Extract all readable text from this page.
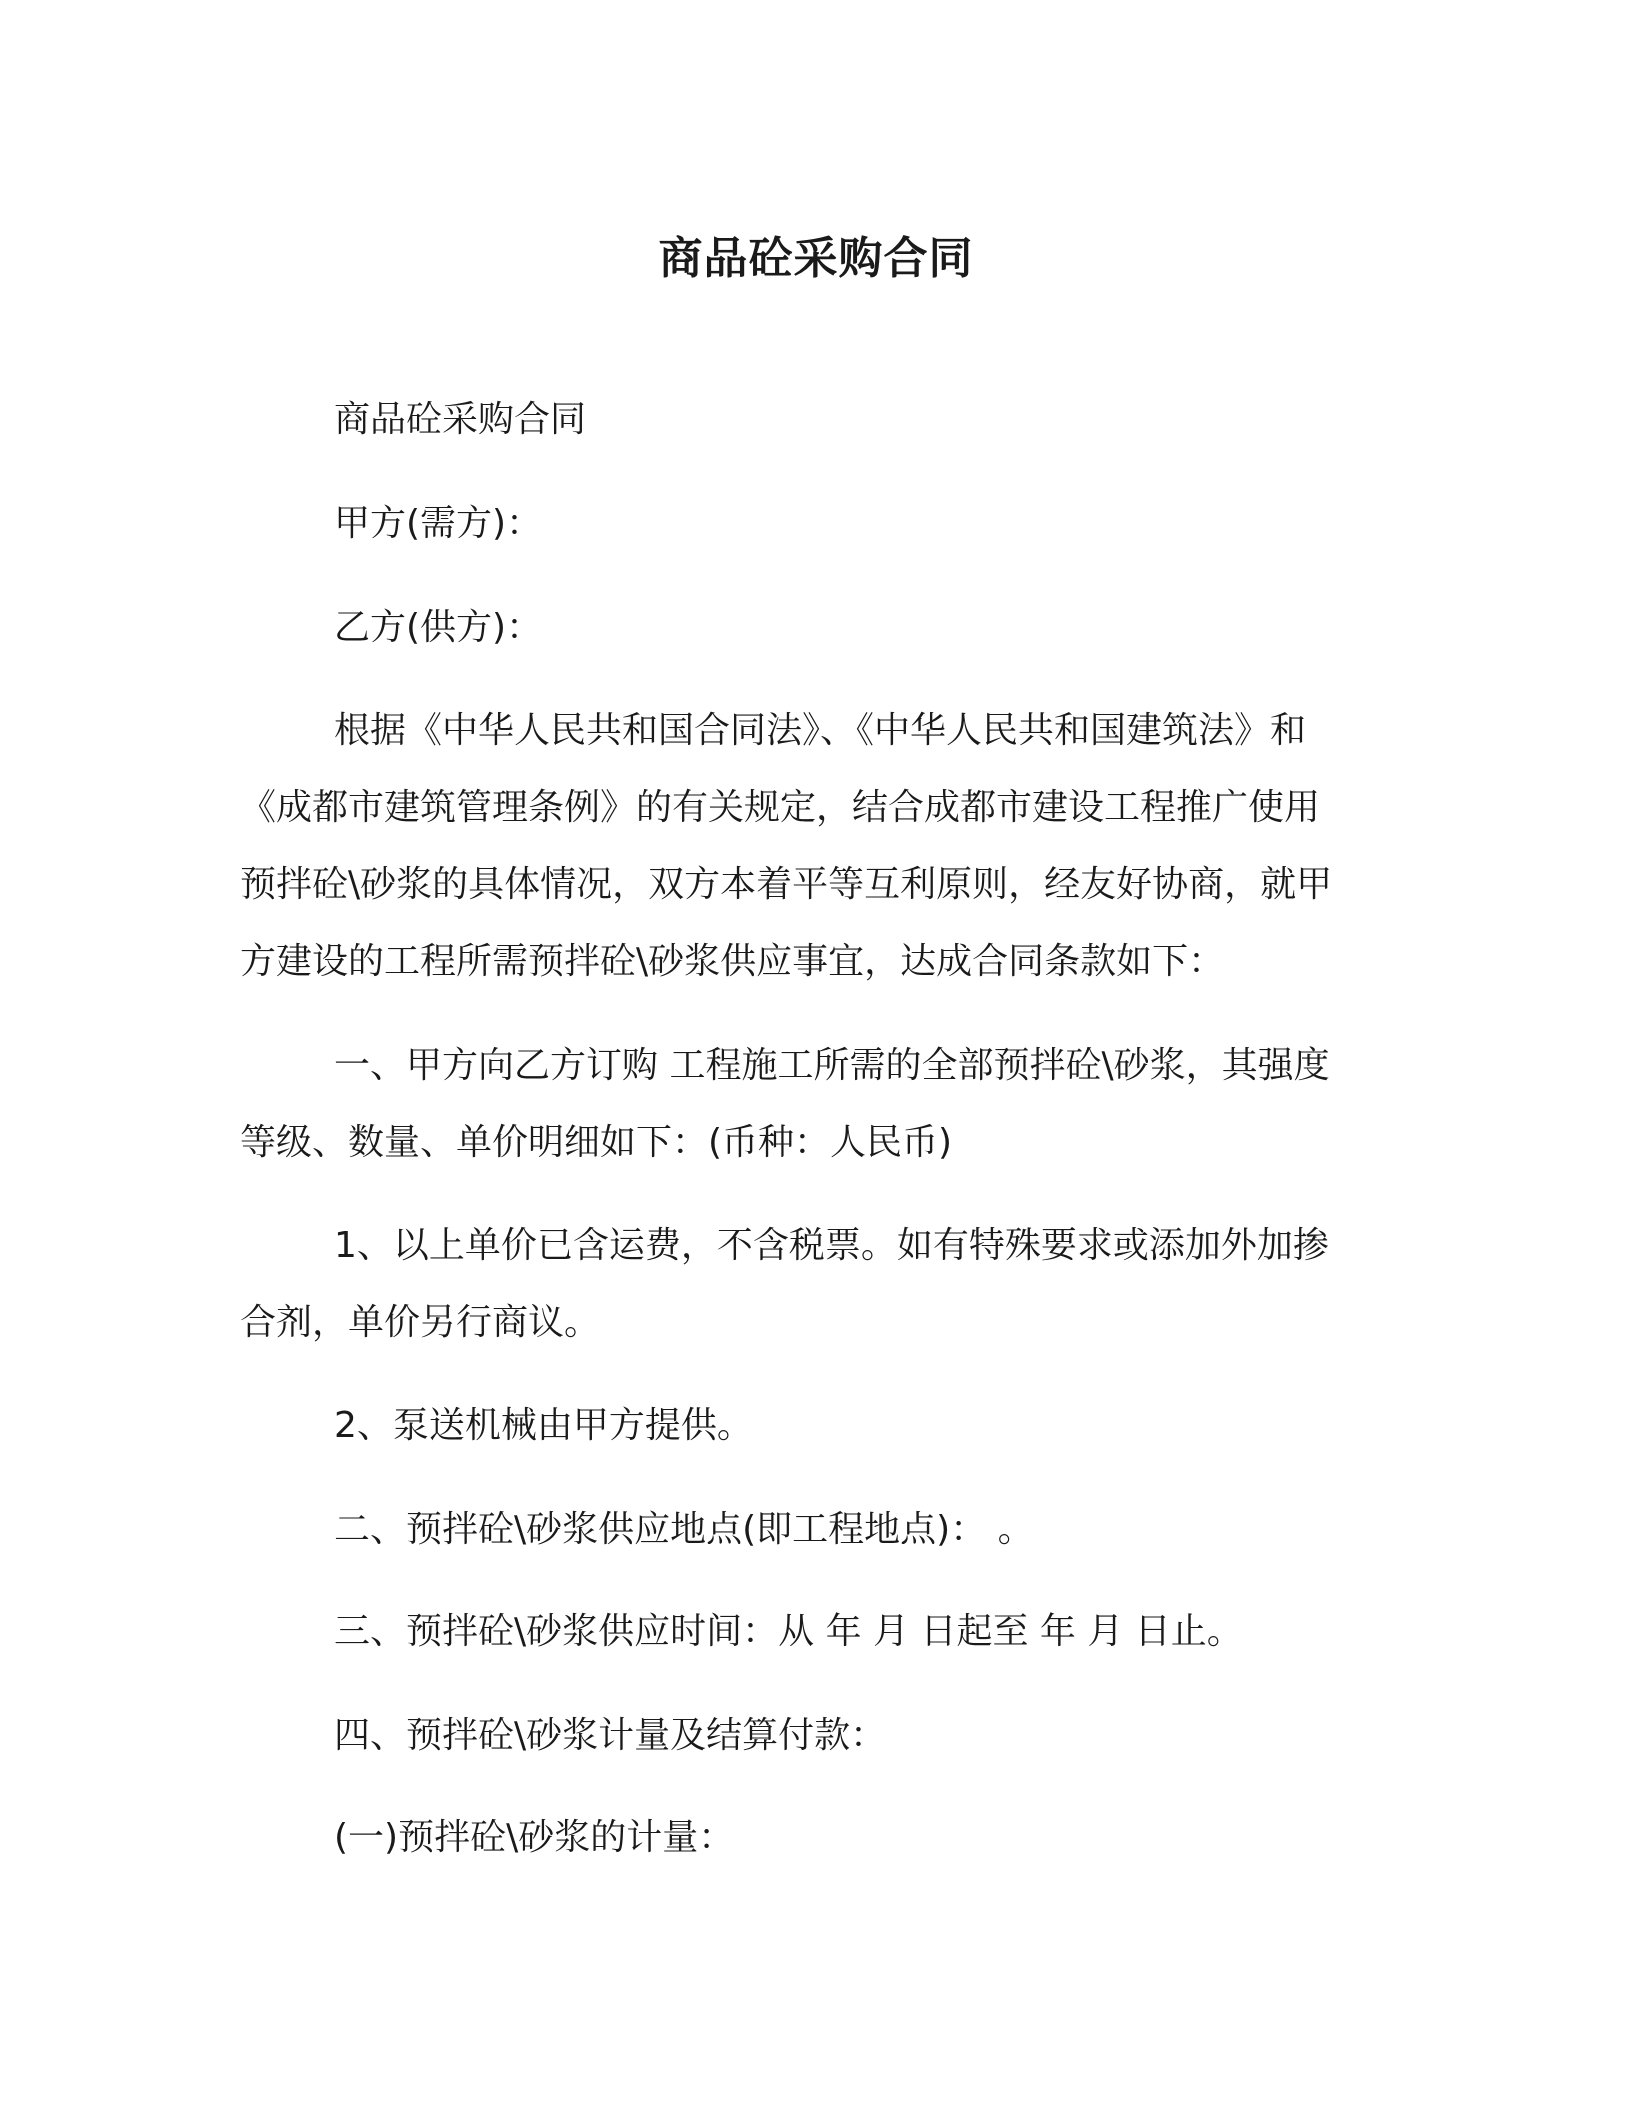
商品砼采购合同

商品砼采购合同

甲方(需方)：

乙方(供方)：

根据《中华人民共和国合同法》、《中华人民共和国建筑法》和

《成都市建筑管理条例》的有关规定，结合成都市建设工程推广使用

预拌砼\砂浆的具体情况，双方本着平等互利原则，经友好协商，就甲

方建设的工程所需预拌砼\砂浆供应事宜，达成合同条款如下：

一、甲方向乙方订购 工程施工所需的全部预拌砼\砂浆，其强度

等级、数量、单价明细如下：(币种：人民币)

1、以上单价已含运费，不含税票。如有特殊要求或添加外加掺

合剂，单价另行商议。

2、泵送机械由甲方提供。

二、预拌砼\砂浆供应地点(即工程地点)： 。

三、预拌砼\砂浆供应时间：从 年 月 日起至 年 月 日止。

四、预拌砼\砂浆计量及结算付款：

(一)预拌砼\砂浆的计量：
